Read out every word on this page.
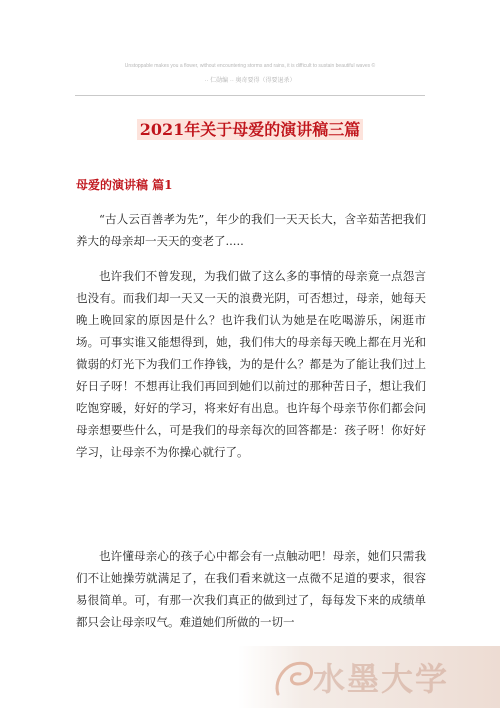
Unstoppable makes you a flower, without encountering storms and rains, it is difficult to sustain beautiful waves ©
·· 仁勋编 ·· 奥奇要得（得要退杀）
2021年关于母爱的演讲稿三篇
母爱的演讲稿 篇1

“古人云百善孝为先”，年少的我们一天天长大，含辛茹苦把我们养大的母亲却一天天的变老了.....

也许我们不曾发现，为我们做了这么多的事情的母亲竟一点怨言也没有。而我们却一天又一天的浪费光阴，可否想过，母亲，她每天晚上晚回家的原因是什么？也许我们认为她是在吃喝游乐，闲逛市场。可事实谁又能想得到，她，我们伟大的母亲每天晚上都在月光和微弱的灯光下为我们工作挣钱，为的是什么？都是为了能让我们过上好日子呀！不想再让我们再回到她们以前过的那种苦日子，想让我们吃饱穿暖，好好的学习，将来好有出息。也许每个母亲节你们都会问母亲想要些什么，可是我们的母亲每次的回答都是：孩子呀！你好好学习，让母亲不为你操心就行了。

也许懂母亲心的孩子心中都会有一点触动吧！母亲，她们只需我们不让她操劳就满足了，在我们看来就这一点微不足道的要求，很容易很简单。可，有那一次我们真正的做到过了，每每发下来的成绩单都只会让母亲叹气。难道她们所做的一切一

水墨大学
